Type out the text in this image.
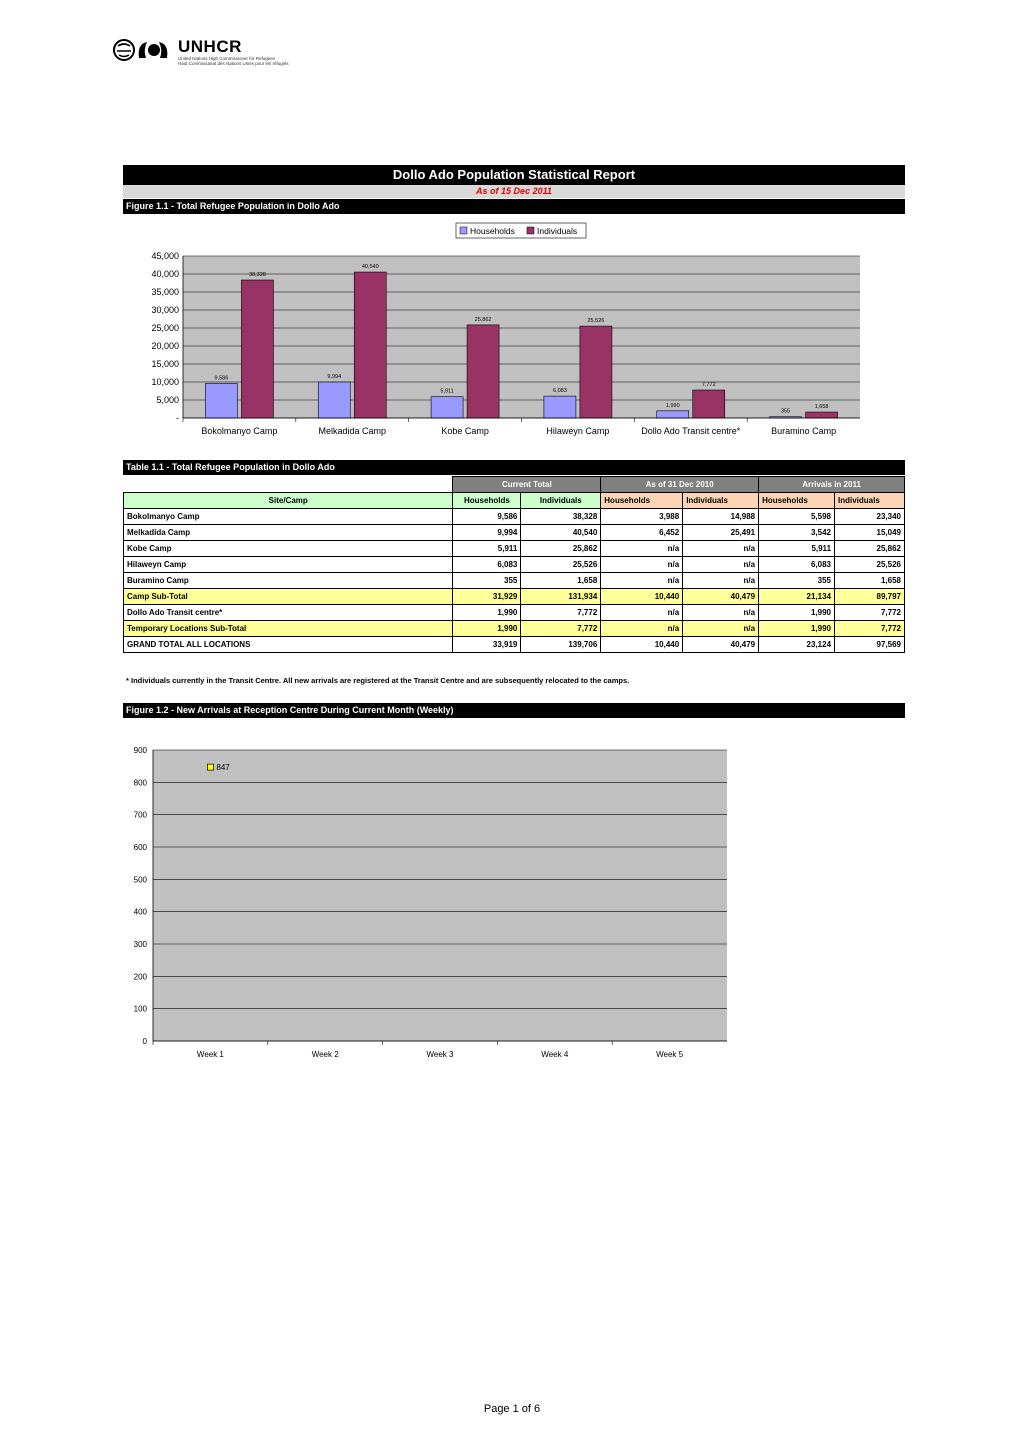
UNHCR
United Nations High Commissioner for Refugees
Haut Commissariat des Nations Unies pour les réfugiés
Dollo Ado Population Statistical Report
As of 15 Dec 2011
Figure 1.1 - Total Refugee Population in Dollo Ado
-
5,000
10,000
15,000
20,000
25,000
30,000
35,000
40,000
45,000
Bokolmanyo Camp
9,586
38,328
Melkadida Camp
9,994
40,540
Kobe Camp
5,911
25,862
Hilaweyn Camp
6,083
25,526
Dollo Ado Transit centre*
1,990
7,772
Buramino Camp
355
1,658
Households	Individuals
Table 1.1 - Total Refugee Population in Dollo Ado
	Current Total		As of 31 Dec 2010		Arrivals in 2011	
Site/Camp	Households	Individuals	Households	Individuals	Households	Individuals
Bokolmanyo Camp	9,586	38,328	3,988	14,988	5,598	23,340
Melkadida Camp	9,994	40,540	6,452	25,491	3,542	15,049
Kobe Camp	5,911	25,862	n/a	n/a	5,911	25,862
Hilaweyn Camp	6,083	25,526	n/a	n/a	6,083	25,526
Buramino Camp	355	1,658	n/a	n/a	355	1,658
Camp Sub-Total	31,929	131,934	10,440	40,479	21,134	89,797
Dollo Ado Transit centre*	1,990	7,772	n/a	n/a	1,990	7,772
Temporary Locations Sub-Total	1,990	7,772	n/a	n/a	1,990	7,772
GRAND TOTAL ALL LOCATIONS	33,919	139,706	10,440	40,479	23,124	97,569
* Individuals currently in the Transit Centre. All new arrivals are registered at the Transit Centre and are subsequently relocated to the camps.
Figure 1.2 - New Arrivals at Reception Centre During Current Month (Weekly)
0
100
200
300
400
500
600
700
800
900
Week 1	Week 2	Week 3	Week 4	Week 5
847
Page 1 of 6
